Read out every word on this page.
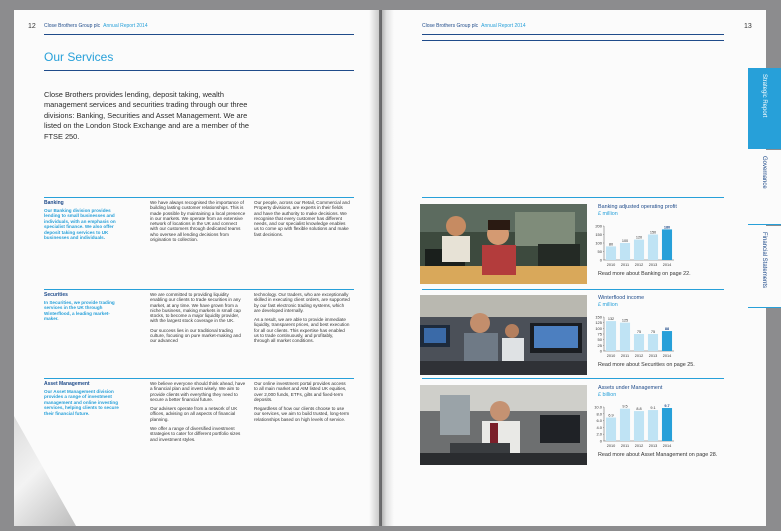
12 Close Brothers Group plc Annual Report 2014
Our Services
Close Brothers provides lending, deposit taking, wealth management services and securities trading through our three divisions: Banking, Securities and Asset Management. We are listed on the London Stock Exchange and are a member of the FTSE 250.
Banking
Our Banking division provides lending to small businesses and individuals, with an emphasis on specialist finance. We also offer deposit taking services to UK businesses and individuals.

We have always recognised the importance of building lasting customer relationships. This is made possible by maintaining a local presence in our markets. We operate from an extensive network of locations in the UK and connect with our customers through dedicated teams who oversee all lending decisions from origination to collection.

Our people, across our Retail, Commercial and Property divisions, are experts in their fields and have the authority to make decisions. We recognise that every customer has different needs, and our specialist knowledge enables us to come up with flexible solutions and make fast decisions.

Securities
In Securities, we provide trading services in the UK through Winterflood, a leading market-maker.

We are committed to providing liquidity enabling our clients to trade securities in any market, at any time. We have grown from a niche business, making markets in small cap stocks, to become a major liquidity provider, with the largest stock coverage in the UK.

Our success lies in our traditional trading culture, focusing on pure market-making and our advanced

technology. Our traders, who are exceptionally skilled in executing client orders, are supported by our fast electronic trading systems, which are developed internally.

As a result, we are able to provide immediate liquidity, transparent prices, and best execution for all our clients. This expertise has enabled us to trade continuously, and profitably, through all market conditions.

Asset Management
Our Asset Management division provides a range of investment management and online investing services, helping clients to secure their financial future.

We believe everyone should think ahead, have a financial plan and invest wisely. We aim to provide clients with everything they need to secure a better financial future.

Our advisers operate from a network of UK offices, advising on all aspects of financial planning.

We offer a range of diversified investment strategies to cater for different portfolio sizes and investment styles.

Our online investment portal provides access to all main market and AIM listed UK equities, over 2,000 funds, ETFs, gilts and fixed-term deposits.

Regardless of how our clients choose to use our services, we aim to build trusted, long-term relationships based on high levels of service.

Close Brothers Group plc Annual Report 2014	13
Banking adjusted operating profit
£ million
0
50
100
150
200
80
2010
100
2011
120
2012
150
2013
180
2014
Read more about Banking on page 22.
Winterflood income
£ million
0
25
50
75
100
125
150 132
2010
125
2011
75
2012
75
2013
88
2014
Read more about Securities on page 25.
Assets under Management
£ billion
0
2.0
4.0
6.0
8.0
10.0
6.9
2010
9.5
2011
8.8
2012
9.1
2013
9.7
2014
Read more about Asset Management on page 28.
Strategic Report
Governance
Financial Statements
